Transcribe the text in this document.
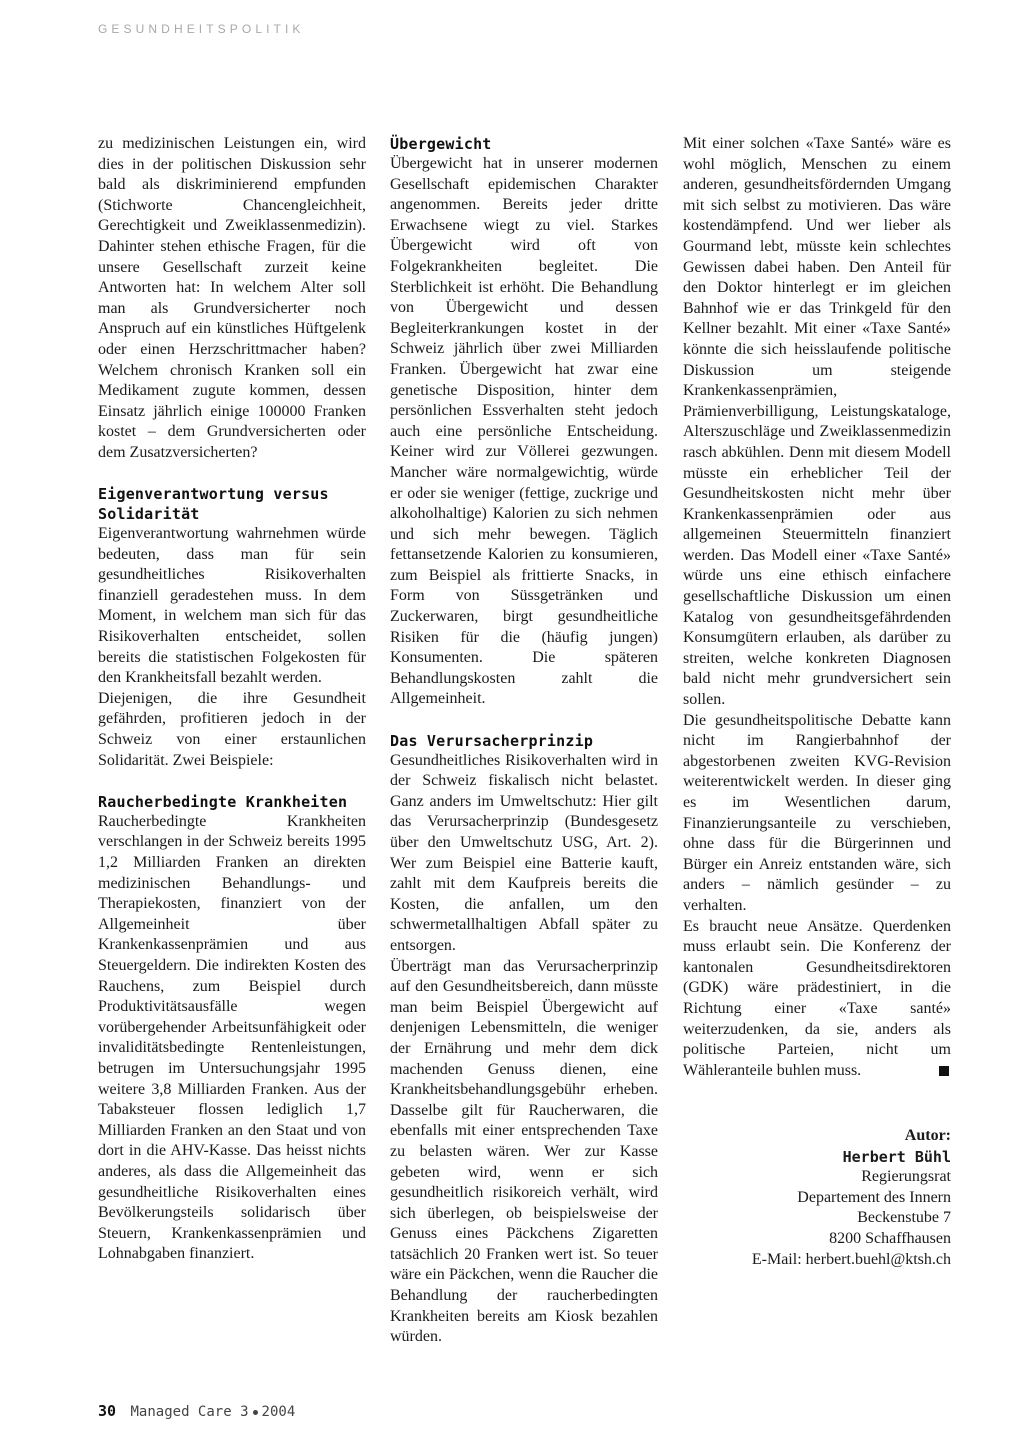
GESUNDHEITSPOLITIK

zu medizinischen Leistungen ein, wird dies in der politischen Diskussion sehr bald als diskriminierend empfunden (Stichworte Chancengleichheit, Gerechtigkeit und Zweiklassenmedizin). Dahinter stehen ethische Fragen, für die unsere Gesellschaft zurzeit keine Antworten hat: In welchem Alter soll man als Grundversicherter noch Anspruch auf ein künstliches Hüftgelenk oder einen Herzschrittmacher haben? Welchem chronisch Kranken soll ein Medikament zugute kommen, dessen Einsatz jährlich einige 100000 Franken kostet – dem Grundversicherten oder dem Zusatzversicherten?

Eigenverantwortung versus Solidarität

Eigenverantwortung wahrnehmen würde bedeuten, dass man für sein gesundheitliches Risikoverhalten finanziell geradestehen muss. In dem Moment, in welchem man sich für das Risikoverhalten entscheidet, sollen bereits die statistischen Folgekosten für den Krankheitsfall bezahlt werden.

Diejenigen, die ihre Gesundheit gefährden, profitieren jedoch in der Schweiz von einer erstaunlichen Solidarität. Zwei Beispiele:

Raucherbedingte Krankheiten

Raucherbedingte Krankheiten verschlangen in der Schweiz bereits 1995 1,2 Milliarden Franken an direkten medizinischen Behandlungs- und Therapiekosten, finanziert von der Allgemeinheit über Krankenkassenprämien und aus Steuergeldern. Die indirekten Kosten des Rauchens, zum Beispiel durch Produktivitätsausfälle wegen vorübergehender Arbeitsunfähigkeit oder invaliditätsbedingte Rentenleistungen, betrugen im Untersuchungsjahr 1995 weitere 3,8 Milliarden Franken. Aus der Tabaksteuer flossen lediglich 1,7 Milliarden Franken an den Staat und von dort in die AHV-Kasse. Das heisst nichts anderes, als dass die Allgemeinheit das gesundheitliche Risikoverhalten eines Bevölkerungsteils solidarisch über Steuern, Krankenkassenprämien und Lohnabgaben finanziert.

Übergewicht

Übergewicht hat in unserer modernen Gesellschaft epidemischen Charakter angenommen. Bereits jeder dritte Erwachsene wiegt zu viel. Starkes Übergewicht wird oft von Folgekrankheiten begleitet. Die Sterblichkeit ist erhöht. Die Behandlung von Übergewicht und dessen Begleiterkrankungen kostet in der Schweiz jährlich über zwei Milliarden Franken. Übergewicht hat zwar eine genetische Disposition, hinter dem persönlichen Essverhalten steht jedoch auch eine persönliche Entscheidung. Keiner wird zur Völlerei gezwungen. Mancher wäre normalgewichtig, würde er oder sie weniger (fettige, zuckrige und alkoholhaltige) Kalorien zu sich nehmen und sich mehr bewegen. Täglich fettansetzende Kalorien zu konsumieren, zum Beispiel als frittierte Snacks, in Form von Süssgetränken und Zuckerwaren, birgt gesundheitliche Risiken für die (häufig jungen) Konsumenten. Die späteren Behandlungskosten zahlt die Allgemeinheit.

Das Verursacherprinzip

Gesundheitliches Risikoverhalten wird in der Schweiz fiskalisch nicht belastet. Ganz anders im Umweltschutz: Hier gilt das Verursacherprinzip (Bundesgesetz über den Umweltschutz USG, Art. 2). Wer zum Beispiel eine Batterie kauft, zahlt mit dem Kaufpreis bereits die Kosten, die anfallen, um den schwermetallhaltigen Abfall später zu entsorgen.

Überträgt man das Verursacherprinzip auf den Gesundheitsbereich, dann müsste man beim Beispiel Übergewicht auf denjenigen Lebensmitteln, die weniger der Ernährung und mehr dem dick machenden Genuss dienen, eine Krankheitsbehandlungsgebühr erheben. Dasselbe gilt für Raucherwaren, die ebenfalls mit einer entsprechenden Taxe zu belasten wären. Wer zur Kasse gebeten wird, wenn er sich gesundheitlich risikoreich verhält, wird sich überlegen, ob beispielsweise der Genuss eines Päckchens Zigaretten tatsächlich 20 Franken wert ist. So teuer wäre ein Päckchen, wenn die Raucher die Behandlung der raucherbedingten Krankheiten bereits am Kiosk bezahlen würden.

Mit einer solchen «Taxe Santé» wäre es wohl möglich, Menschen zu einem anderen, gesundheitsfördernden Umgang mit sich selbst zu motivieren. Das wäre kostendämpfend. Und wer lieber als Gourmand lebt, müsste kein schlechtes Gewissen dabei haben. Den Anteil für den Doktor hinterlegt er im gleichen Bahnhof wie er das Trinkgeld für den Kellner bezahlt. Mit einer «Taxe Santé» könnte die sich heisslaufende politische Diskussion um steigende Krankenkassenprämien, Prämienverbilligung, Leistungskataloge, Alterszuschläge und Zweiklassenmedizin rasch abkühlen. Denn mit diesem Modell müsste ein erheblicher Teil der Gesundheitskosten nicht mehr über Krankenkassenprämien oder aus allgemeinen Steuermitteln finanziert werden. Das Modell einer «Taxe Santé» würde uns eine ethisch einfachere gesellschaftliche Diskussion um einen Katalog von gesundheitsgefährdenden Konsumgütern erlauben, als darüber zu streiten, welche konkreten Diagnosen bald nicht mehr grundversichert sein sollen.

Die gesundheitspolitische Debatte kann nicht im Rangierbahnhof der abgestorbenen zweiten KVG-Revision weiterentwickelt werden. In dieser ging es im Wesentlichen darum, Finanzierungsanteile zu verschieben, ohne dass für die Bürgerinnen und Bürger ein Anreiz entstanden wäre, sich anders – nämlich gesünder – zu verhalten.

Es braucht neue Ansätze. Querdenken muss erlaubt sein. Die Konferenz der kantonalen Gesundheitsdirektoren (GDK) wäre prädestiniert, in die Richtung einer «Taxe santé» weiterzudenken, da sie, anders als politische Parteien, nicht um Wähleranteile buhlen muss.

Autor:
Herbert Bühl
Regierungsrat
Departement des Innern
Beckenstube 7
8200 Schaffhausen
E-Mail: herbert.buehl@ktsh.ch
30 Managed Care 3 2004
